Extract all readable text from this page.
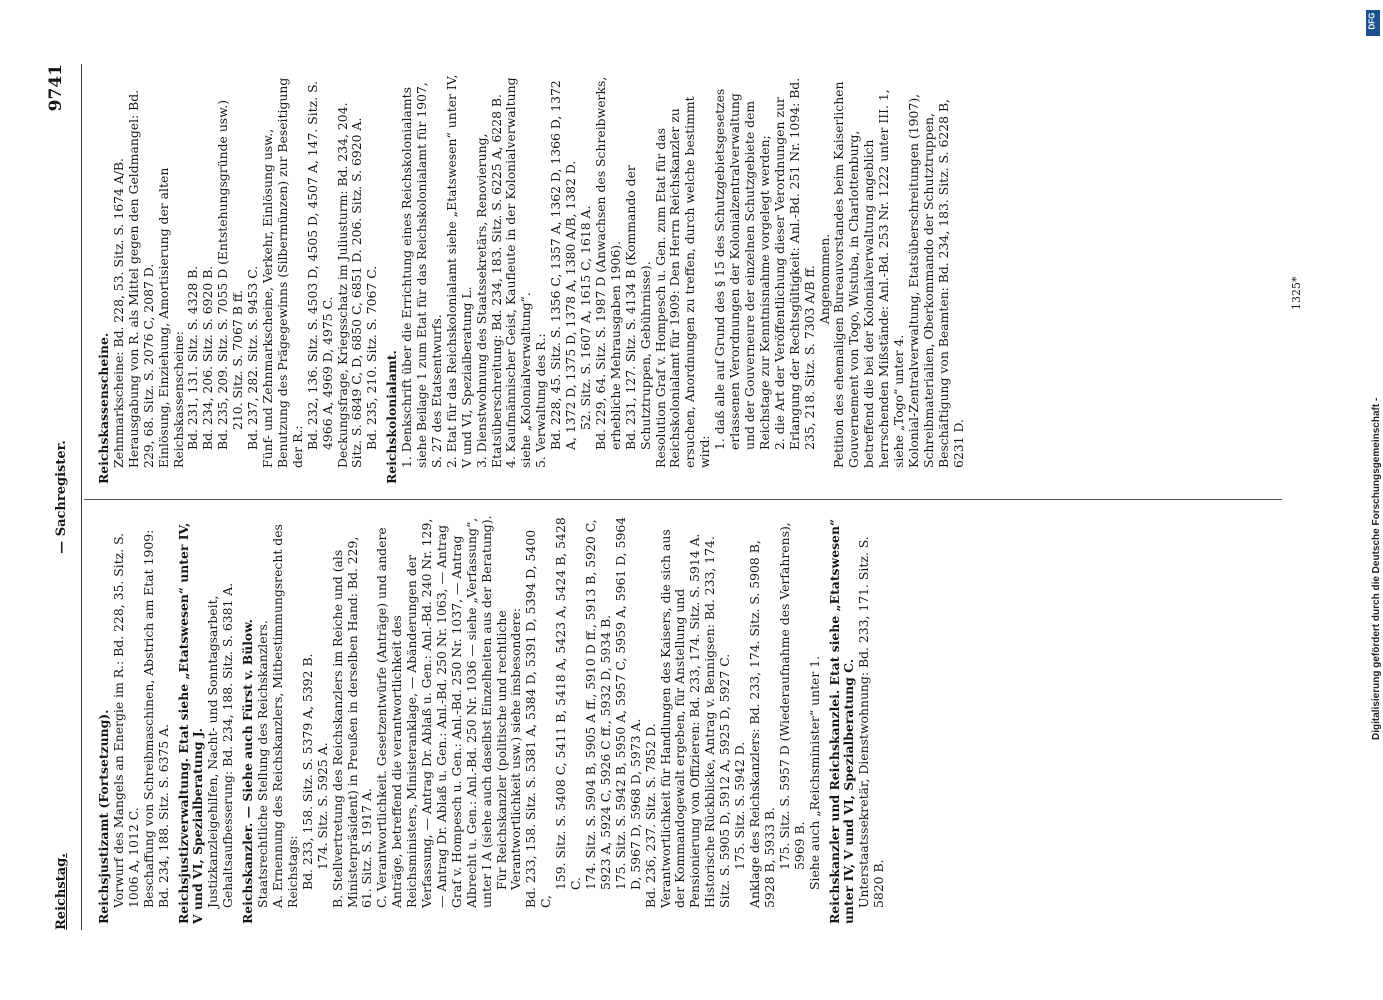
Reichstag.
— Sachregister.
9741

Reichsjustizamt (Fortsetzung). Vorwurf des Mangels an Energie im R.: Bd. 228, 35. Sitz. S. 1006 A, 1012 C. Beschaffung von Schreibmaschinen, Abstrich am Etat 1909: Bd. 234, 188. Sitz. S. 6375 A. Reichsjustizverwaltung. Etat siehe „Etatswesen“ unter IV, V und VI, Spezialberatung J. Justizkanzleigehilfen, Nacht- und Sonntagsarbeit, Gehaltsaufbesserung: Bd. 234, 188. Sitz. S. 6381 A. Reichskanzler. — Siehe auch Fürst v. Bülow. Staatsrechtliche Stellung des Reichskanzlers. A. Ernennung des Reichskanzlers, Mitbestimmungsrecht des Reichstags: Bd. 233, 158. Sitz. S. 5379 A, 5392 B. 174. Sitz. S. 5925 A. B. Stellvertretung des Reichskanzlers im Reiche und (als Ministerpräsident) in Preußen in derselben Hand: Bd. 229, 61. Sitz. S. 1917 A. C. Verantwortlichkeit. Gesetzentwürfe (Anträge) und andere Anträge, betreffend die verantwortlichkeit des Reichsministers, Ministeranklage, — Abänderungen der Verfassung, — Antrag Dr. Ablaß u. Gen.: Anl.-Bd. 240 Nr. 129, — Antrag Dr. Ablaß u. Gen.: Anl.-Bd. 250 Nr. 1063, — Antrag Graf v. Hompesch u. Gen.: Anl.-Bd. 250 Nr. 1037, — Antrag Albrecht u. Gen.: Anl.-Bd. 250 Nr. 1036 — siehe „Verfassung“, unter I A (siehe auch daselbst Einzelheiten aus der Beratung). Für Reichskanzler (politische und rechtliche Verantwortlichkeit usw.) siehe insbesondere: Bd. 233, 158. Sitz. S. 5381 A, 5384 D, 5391 D, 5394 D, 5400 C,

159. Sitz. S. 5408 C, 5411 B, 5418 A, 5423 A, 5424 B, 5428 C. 174. Sitz. S. 5904 B, 5905 A ff., 5910 D ff., 5913 B, 5920 C, 5923 A, 5924 C, 5926 C ff., 5932 D, 5934 B. 175. Sitz. S. 5942 B, 5950 A, 5957 C, 5959 A, 5961 D, 5964 D, 5967 D, 5968 D, 5973 A. Bd. 236, 237. Sitz. S. 7852 D. Verantwortlichkeit für Handlungen des Kaisers, die sich aus der Kommandogewalt ergeben, für Anstellung und Pensionierung von Offizieren: Bd. 233, 174. Sitz. S. 5914 A. Historische Rückblicke, Antrag v. Bennigsen: Bd. 233, 174. Sitz. S. 5905 D, 5912 A, 5925 D, 5927 C. 175. Sitz. S. 5942 D. Anklage des Reichskanzlers: Bd. 233, 174. Sitz. S. 5908 B, 5928 B, 5933 B. 175. Sitz. S. 5957 D (Wiederaufnahme des Verfahrens), 5969 B. Siehe auch „Reichsminister“ unter 1. Reichskanzler und Reichskanzlei. Etat siehe „Etatswesen“ unter IV, V und VI, Spezialberatung C. Unterstaatssekretär, Dienstwohnung: Bd. 233, 171. Sitz. S. 5820 B.

Reichskassenscheine. Zehnmarkscheine: Bd. 228, 53. Sitz. S. 1674 A/B. Herausgabung von R. als Mittel gegen den Geldmangel: Bd. 229, 68. Sitz. S. 2076 C, 2087 D. Einlösung, Einziehung, Amortisierung der alten Reichskassenscheine: Bd. 231, 131. Sitz. S. 4328 B. Bd. 234, 206. Sitz. S. 6920 B. Bd. 235, 209. Sitz. S. 7055 D (Entstehungsgründe usw.) 210. Sitz. S. 7067 B ff. Bd. 237, 282. Sitz. S. 9453 C. Fünf- und Zehnmarkscheine, Verkehr, Einlösung usw., Benutzung des Prägegewinns (Silbermünzen) zur Beseitigung der R.: Bd. 232, 136. Sitz. S. 4503 D, 4505 D, 4507 A, 147. Sitz. S. 4966 A, 4969 D, 4975 C. Deckungsfrage, Kriegsschatz im Juliusturm: Bd. 234, 204. Sitz. S. 6849 C, D, 6850 C, 6851 D. 206. Sitz. S. 6920 A. Bd. 235, 210. Sitz. S. 7067 C. Reichskolonialamt. 1. Denkschrift über die Errichtung eines Reichskolonialamts siehe Beilage 1 zum Etat für das Reichskolonialamt für 1907, S. 27 des Etatsentwurfs. 2. Etat für das Reichskolonialamt siehe „Etatswesen“ unter IV, V und VI, Spezialberatung L. 3. Dienstwohnung des Staatssekretärs, Renovierung, Etatsüberschreitung: Bd. 234, 183. Sitz. S. 6225 A, 6228 B. 4. Kaufmännischer Geist, Kaufleute in der Kolonialverwaltung siehe „Kolonialverwaltung“. 5. Verwaltung des R.: Bd. 228, 45. Sitz. S. 1356 C, 1357 A, 1362 D, 1366 D, 1372 A, 1372 D, 1375 D, 1378 A, 1380 A/B, 1382 D. 52. Sitz. S. 1607 A, 1615 C, 1618 A. Bd. 229, 64. Sitz. S. 1987 D (Anwachsen des Schreibwerks, erhebliche Mehrausgaben 1906). Bd. 231, 127. Sitz. S. 4134 B (Kommando der Schutztruppen, Gebührnisse). Resolution Graf v. Hompesch u. Gen. zum Etat für das Reichskolonialamt für 1909: Den Herrn Reichskanzler zu ersuchen, Anordnungen zu treffen, durch welche bestimmt wird:

1. daß alle auf Grund des § 15 des Schutzgebietsgesetzes erlassenen Verordnungen der Kolonialzentralverwaltung und der Gouverneure der einzelnen Schutzgebiete dem Reichstage zur Kenntnisnahme vorgelegt werden; 2. die Art der Veröffentlichung dieser Verordnungen zur Erlangung der Rechtsgültigkeit: Anl.-Bd. 251 Nr. 1094: Bd. 235, 218. Sitz. S. 7303 A/B ff. Angenommen. Petition des ehemaligen Bureauvorstandes beim Kaiserlichen Gouvernement von Togo, Wistuba, in Charlottenburg, betreffend die bei der Kolonialverwaltung angeblich herrschenden Mißstände: Anl.-Bd. 253 Nr. 1222 unter III. 1, siehe „Togo“ unter 4. Kolonial-Zentralverwaltung, Etatsüberschreitungen (1907), Schreibmaterialien, Oberkommando der Schutztruppen, Beschäftigung von Beamten: Bd. 234, 183. Sitz. S. 6228 B, 6231 D.

1325*
Digitalisierung gefördert durch die Deutsche Forschungsgemeinschaft -
DFG
